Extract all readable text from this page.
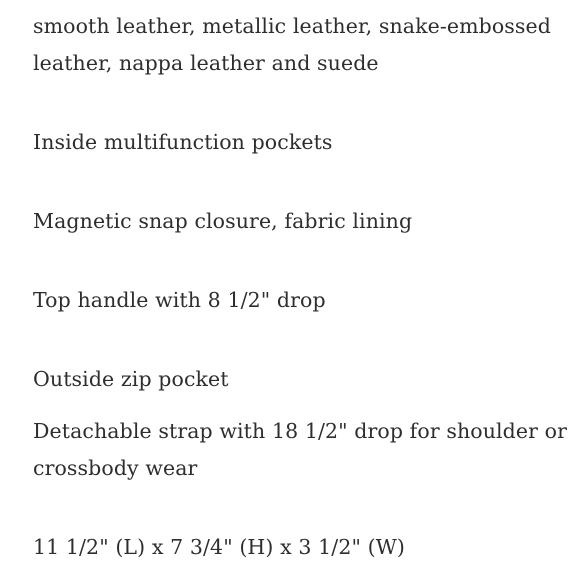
smooth leather, metallic leather, snake-embossed
leather, nappa leather and suede
Inside multifunction pockets
Magnetic snap closure, fabric lining
Top handle with 8 1/2" drop
Outside zip pocket
Detachable strap with 18 1/2" drop for shoulder or
crossbody wear
11 1/2" (L) x 7 3/4" (H) x 3 1/2" (W)
